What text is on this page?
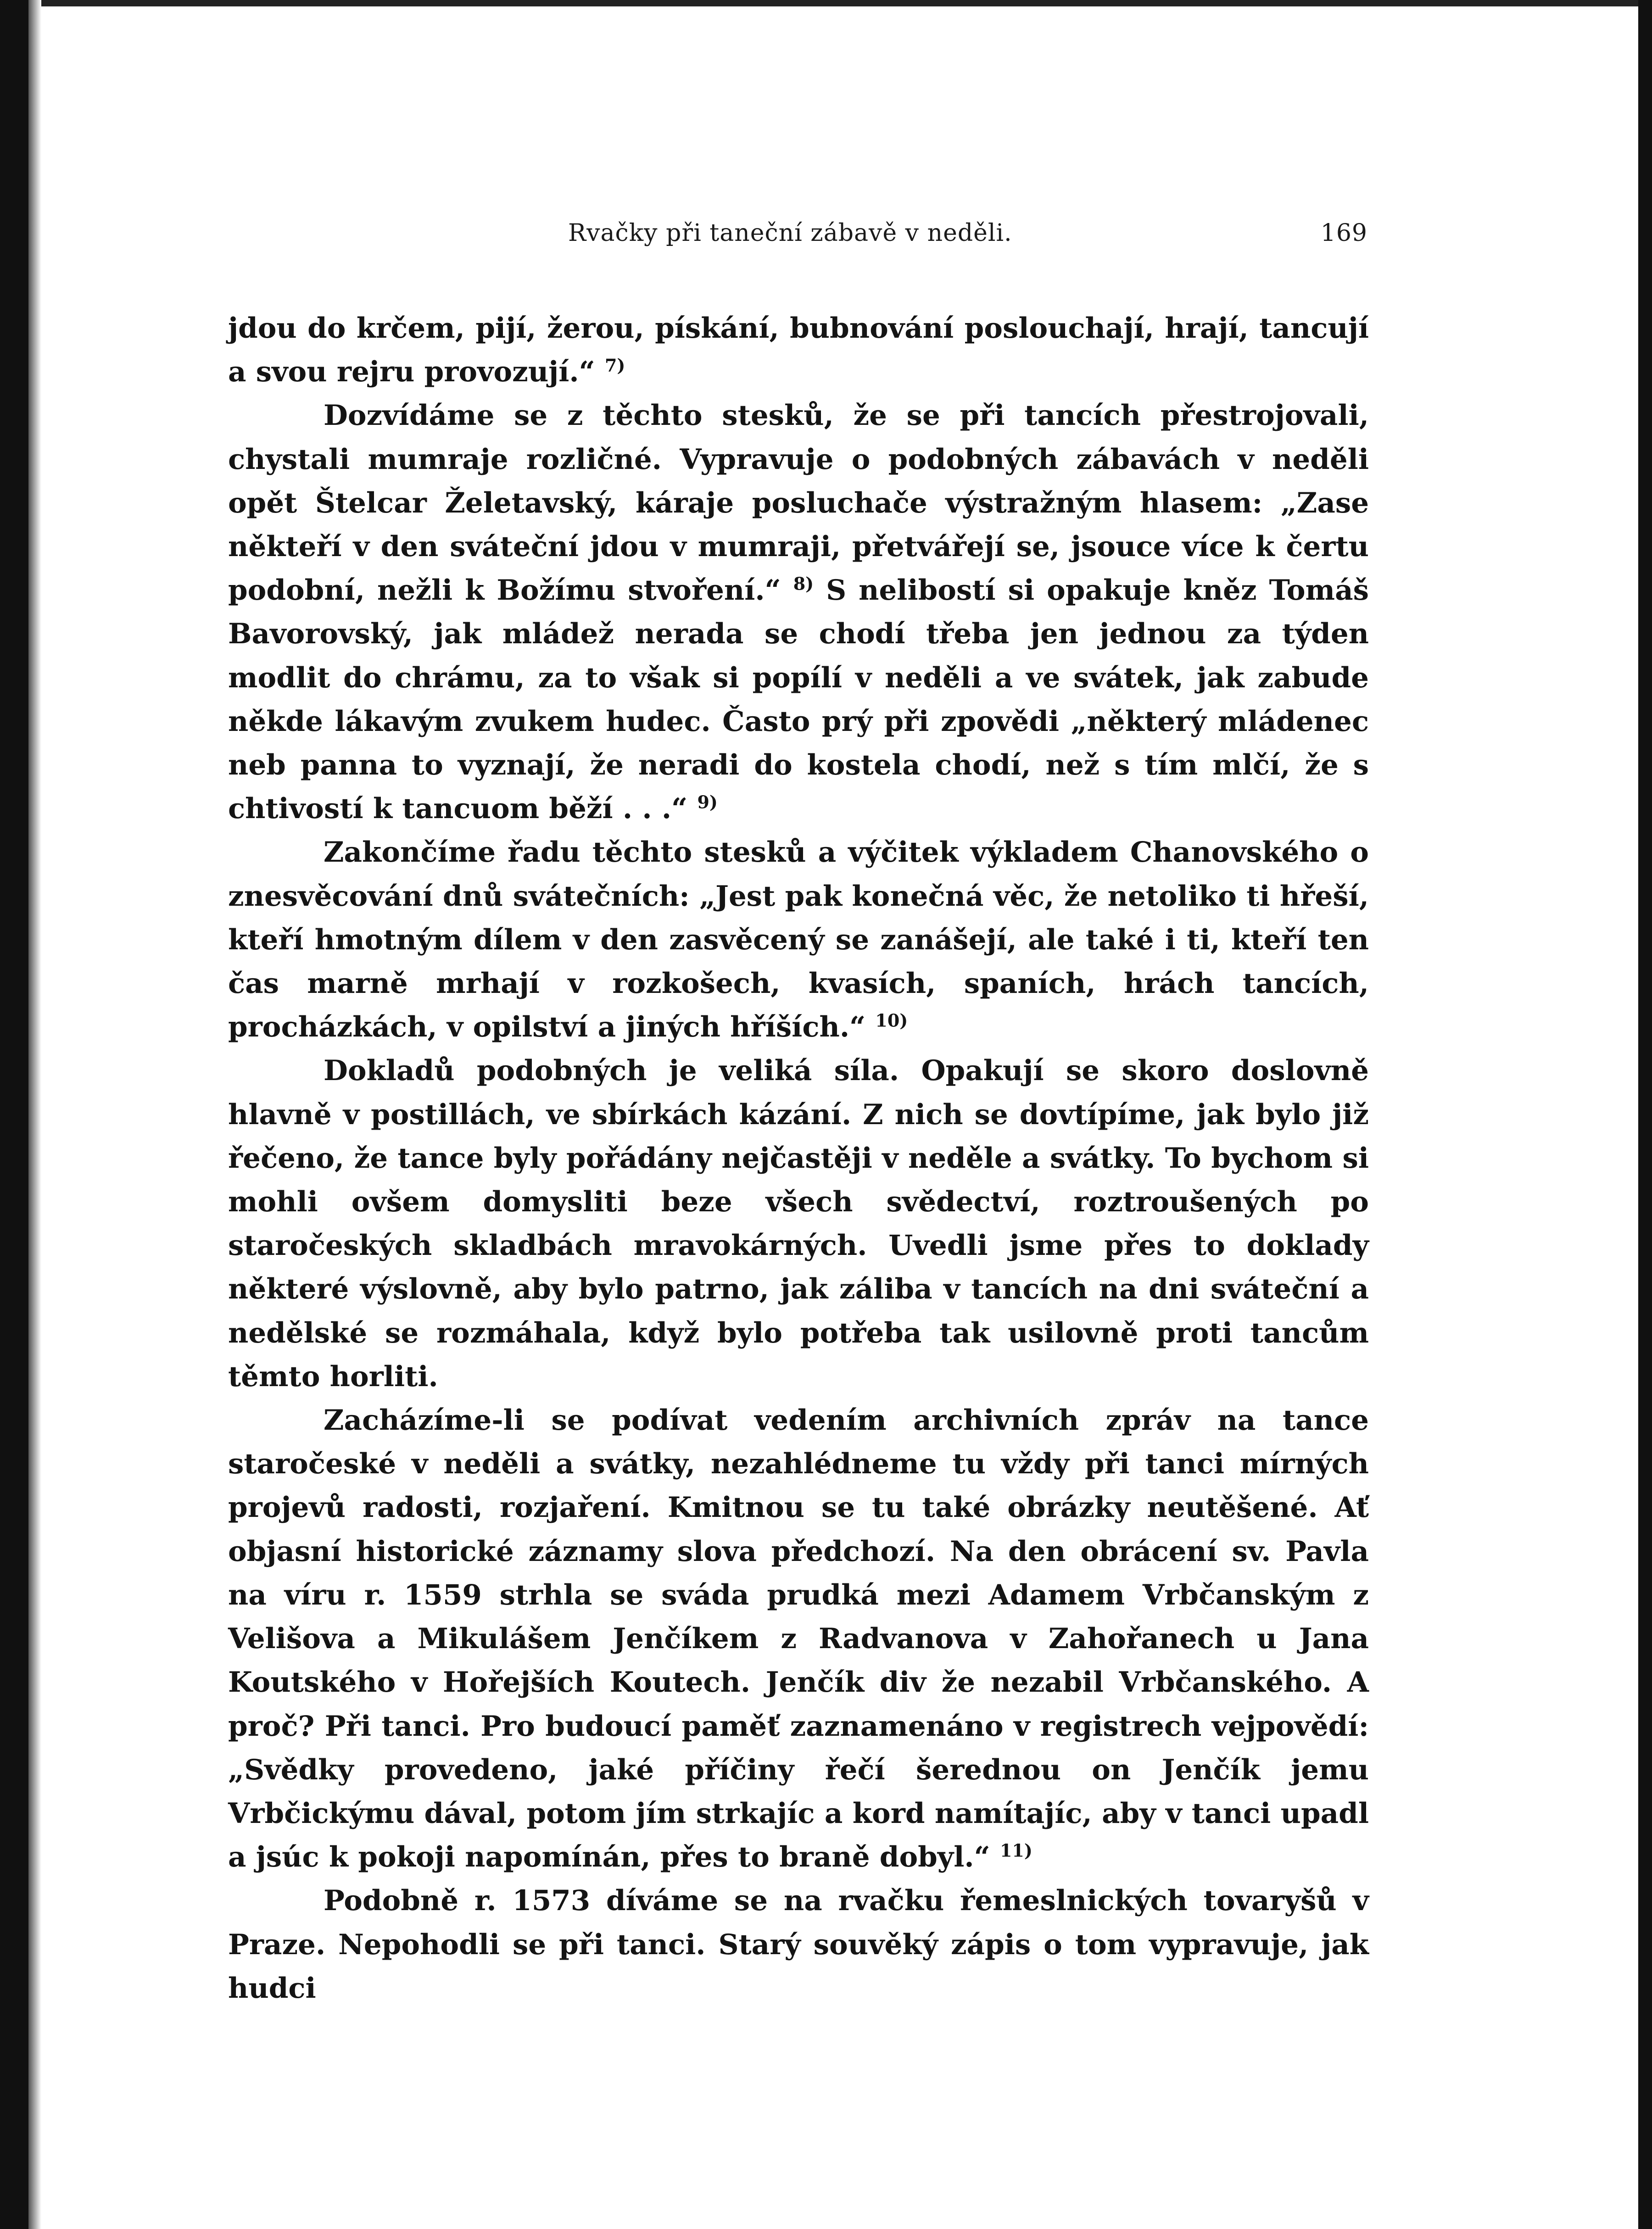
Rvačky při taneční zábavě v neděli.	169

jdou do krčem, pijí, žerou, pískání, bubnování poslouchají, hrají, tancují a svou rejru provozují.“ $^{7)}$

Dozvídáme se z těchto stesků, že se při tancích přestrojovali, chystali mumraje rozličné. Vypravuje o podobných zábavách v neděli opět Štelcar Želetavský, káraje posluchače výstražným hlasem: „Zase někteří v den sváteční jdou v mumraji, přetvářejí se, jsouce více k čertu podobní, nežli k Božímu stvoření.“ $^{8)}$ S nelibostí si opakuje kněz Tomáš Bavorovský, jak mládež nerada se chodí třeba jen jednou za týden modlit do chrámu, za to však si popílí v neděli a ve svátek, jak zabude někde lákavým zvukem hudec. Často prý při zpovědi „některý mládenec neb panna to vyznají, že neradi do kostela chodí, než s tím mlčí, že s chtivostí k tancuom běží . . .“ $^{9)}$

Zakončíme řadu těchto stesků a výčitek výkladem Chanovského o znesvěcování dnů svátečních: „Jest pak konečná věc, že netoliko ti hřeší, kteří hmotným dílem v den zasvěcený se zanášejí, ale také i ti, kteří ten čas marně mrhají v rozkošech, kvasích, spaních, hrách tancích, procházkách, v opilství a jiných hříších.“ $^{10)}$

Dokladů podobných je veliká síla. Opakují se skoro doslovně hlavně v postillách, ve sbírkách kázání. Z nich se dovtípíme, jak bylo již řečeno, že tance byly pořádány nejčastěji v neděle a svátky. To bychom si mohli ovšem domysliti beze všech svědectví, roztroušených po staročeských skladbách mravokárných. Uvedli jsme přes to doklady některé výslovně, aby bylo patrno, jak záliba v tancích na dni sváteční a nedělské se rozmáhala, když bylo potřeba tak usilovně proti tancům těmto horliti.

Zacházíme-li se podívat vedením archivních zpráv na tance staročeské v neděli a svátky, nezahlédneme tu vždy při tanci mírných projevů radosti, rozjaření. Kmitnou se tu také obrázky neutěšené. Ať objasní historické záznamy slova předchozí. Na den obrácení sv. Pavla na víru r. 1559 strhla se sváda prudká mezi Adamem Vrbčanským z Velišova a Mikulášem Jenčíkem z Radvanova v Zahořanech u Jana Koutského v Hořejších Koutech. Jenčík div že nezabil Vrbčanského. A proč? Při tanci. Pro budoucí paměť zaznamenáno v registrech vejpovědí: „Svědky provedeno, jaké příčiny řečí šerednou on Jenčík jemu Vrbčickýmu dával, potom jím strkajíc a kord namítajíc, aby v tanci upadl a jsúc k pokoji napomínán, přes to braně dobyl.“ $^{11)}$

Podobně r. 1573 díváme se na rvačku řemeslnických tovaryšů v Praze. Nepohodli se při tanci. Starý souvěký zápis o tom vypravuje, jak hudci
